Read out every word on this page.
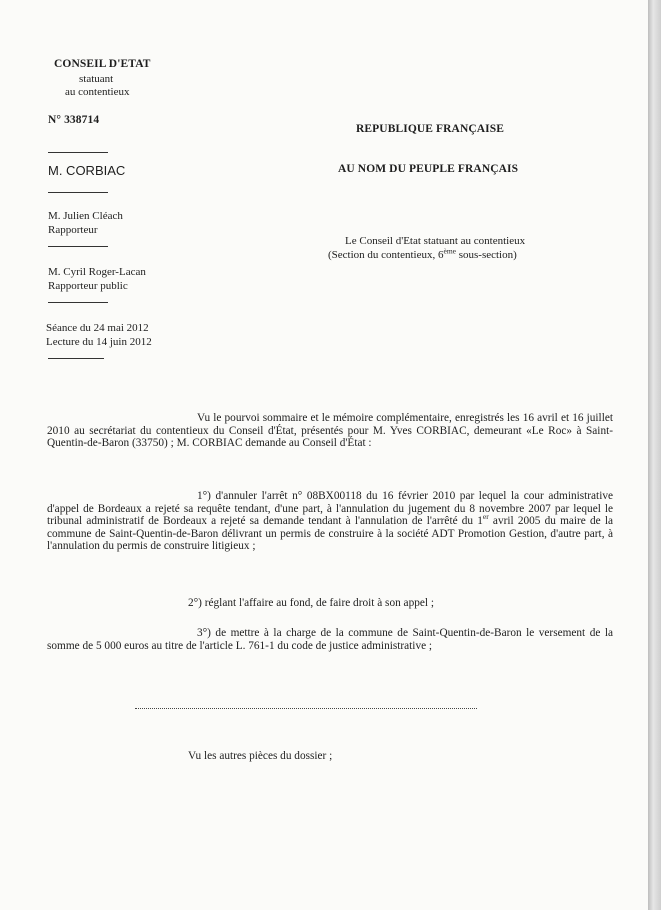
CONSEIL D'ETAT
statuant
au contentieux
N° 338714
M. CORBIAC
M. Julien Cléach
Rapporteur
M. Cyril Roger-Lacan
Rapporteur public
Séance du 24 mai 2012
Lecture du 14 juin 2012
REPUBLIQUE FRANÇAISE
AU NOM DU PEUPLE FRANÇAIS
Le Conseil d'Etat statuant au contentieux
(Section du contentieux, 6ème sous-section)
Vu le pourvoi sommaire et le mémoire complémentaire, enregistrés les 16 avril et 16 juillet 2010 au secrétariat du contentieux du Conseil d'État, présentés pour M. Yves CORBIAC, demeurant «Le Roc» à Saint-Quentin-de-Baron (33750) ; M. CORBIAC demande au Conseil d'État :
1°) d'annuler l'arrêt n° 08BX00118 du 16 février 2010 par lequel la cour administrative d'appel de Bordeaux a rejeté sa requête tendant, d'une part, à l'annulation du jugement du 8 novembre 2007 par lequel le tribunal administratif de Bordeaux a rejeté sa demande tendant à l'annulation de l'arrêté du 1er avril 2005 du maire de la commune de Saint-Quentin-de-Baron délivrant un permis de construire à la société ADT Promotion Gestion, d'autre part, à l'annulation du permis de construire litigieux ;
2°) réglant l'affaire au fond, de faire droit à son appel ;
3°) de mettre à la charge de la commune de Saint-Quentin-de-Baron le versement de la somme de 5 000 euros au titre de l'article L. 761-1 du code de justice administrative ;
Vu les autres pièces du dossier ;
